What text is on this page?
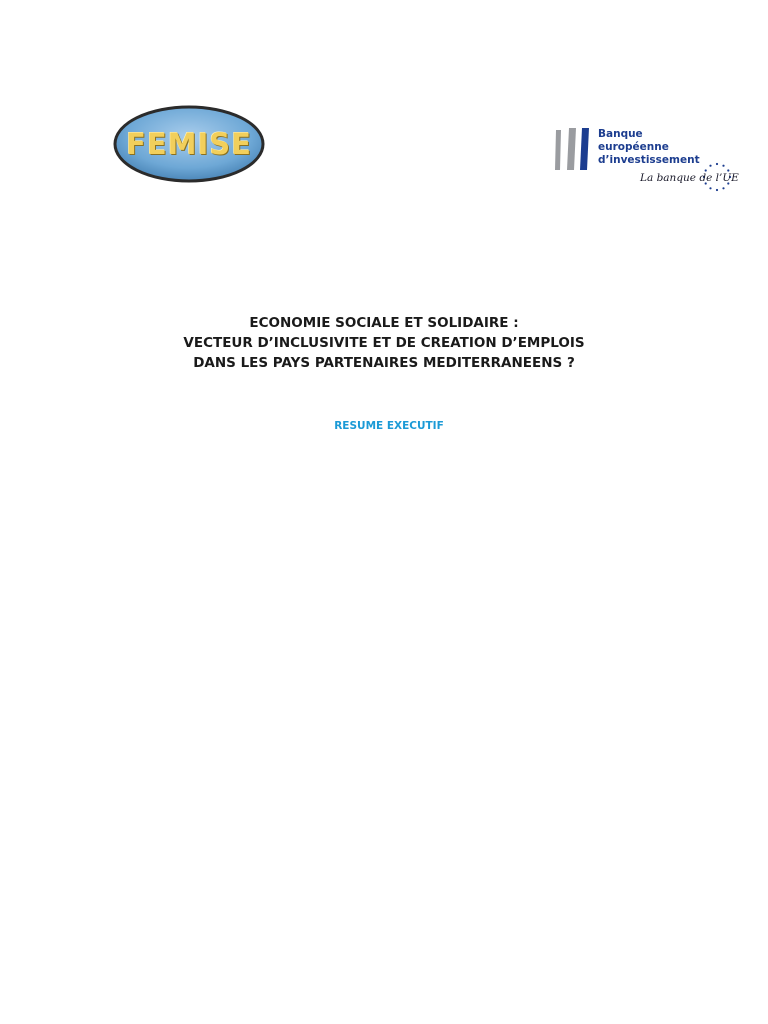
FEMISE	Banque
européenne
d’investissement
La banque de l’UE
ECONOMIE SOCIALE ET SOLIDAIRE :
VECTEUR D’INCLUSIVITE ET DE CREATION D’EMPLOIS
DANS LES PAYS PARTENAIRES MEDITERRANEENS ?
RESUME EXECUTIF
